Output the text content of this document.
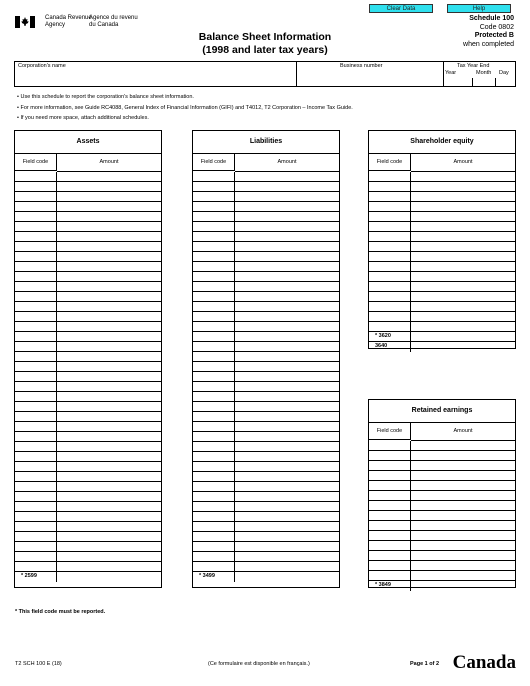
Clear Data	Help
Canada Revenue
Agency
Agence du revenu
du Canada
Schedule 100
Code 0802
Protected B
when completed
Balance Sheet Information
(1998 and later tax years)
Corporation's name	Business number	Tax Year End
Year	Month Day
• Use this schedule to report the corporation's balance sheet information.
• For more information, see Guide RC4088, General Index of Financial Information (GIFI) and T4012, T2 Corporation – Income Tax Guide.
• If you need more space, attach additional schedules.
Assets
Field code	Amount
* 2599
Liabilities
Field code	Amount
* 3499
Shareholder equity
Field code	Amount
* 3620
3640
Retained earnings
Field code	Amount
* 3849
* This field code must be reported.
T2 SCH 100 E (18)	(Ce formulaire est disponible en français.)	Page 1 of 2 Canada
